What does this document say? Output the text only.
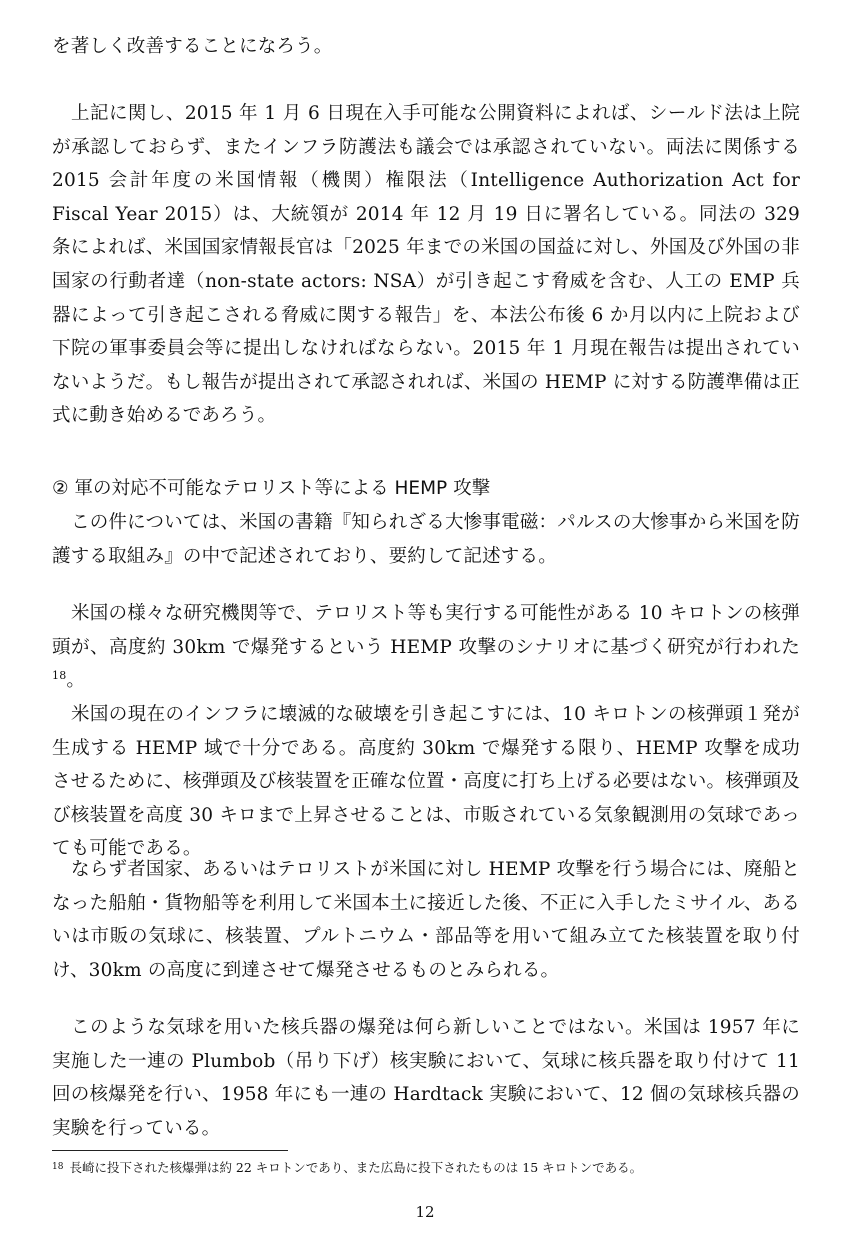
を著しく改善することになろう。

上記に関し、2015 年 1 月 6 日現在入手可能な公開資料によれば、シールド法は上院が承認しておらず、またインフラ防護法も議会では承認されていない。両法に関係する 2015 会計年度の米国情報（機関）権限法（Intelligence Authorization Act for Fiscal Year 2015）は、大統領が 2014 年 12 月 19 日に署名している。同法の 329 条によれば、米国国家情報長官は「2025 年までの米国の国益に対し、外国及び外国の非国家の行動者達（non‐state actors: NSA）が引き起こす脅威を含む、人工の EMP 兵器によって引き起こされる脅威に関する報告」を、本法公布後 6 か月以内に上院および下院の軍事委員会等に提出しなければならない。2015 年 1 月現在報告は提出されていないようだ。もし報告が提出されて承認されれば、米国の HEMP に対する防護準備は正式に動き始めるであろう。

② 軍の対応不可能なテロリスト等による HEMP 攻撃

この件については、米国の書籍『知られざる大惨事電磁：パルスの大惨事から米国を防護する取組み』の中で記述されており、要約して記述する。

米国の様々な研究機関等で、テロリスト等も実行する可能性がある 10 キロトンの核弾頭が、高度約 30km で爆発するという HEMP 攻撃のシナリオに基づく研究が行われた$^{18}$。

米国の現在のインフラに壊滅的な破壊を引き起こすには、10 キロトンの核弾頭１発が生成する HEMP 域で十分である。高度約 30km で爆発する限り、HEMP 攻撃を成功させるために、核弾頭及び核装置を正確な位置・高度に打ち上げる必要はない。核弾頭及び核装置を高度 30 キロまで上昇させることは、市販されている気象観測用の気球であっても可能である。

ならず者国家、あるいはテロリストが米国に対し HEMP 攻撃を行う場合には、廃船となった船舶・貨物船等を利用して米国本土に接近した後、不正に入手したミサイル、あるいは市販の気球に、核装置、プルトニウム・部品等を用いて組み立てた核装置を取り付け、30km の高度に到達させて爆発させるものとみられる。

このような気球を用いた核兵器の爆発は何ら新しいことではない。米国は 1957 年に実施した一連の Plumbob（吊り下げ）核実験において、気球に核兵器を取り付けて 11 回の核爆発を行い、1958 年にも一連の Hardtack 実験において、12 個の気球核兵器の実験を行っている。

$^{18}$ 長崎に投下された核爆弾は約 22 キロトンであり、また広島に投下されたものは 15 キロトンである。

12
